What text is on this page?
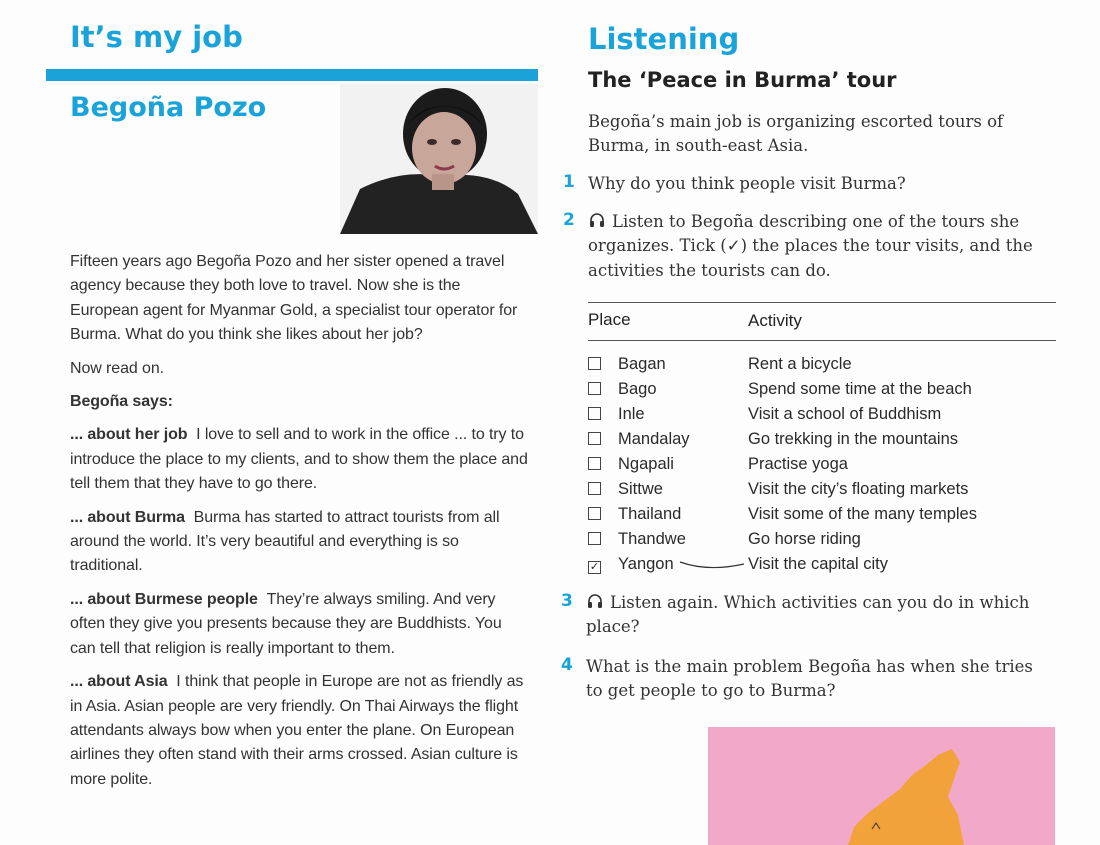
It’s my job
Begoña Pozo

Fifteen years ago Begoña Pozo and her sister opened a travel agency because they both love to travel. Now she is the European agent for Myanmar Gold, a specialist tour operator for Burma. What do you think she likes about her job?

Now read on.

Begoña says:

... about her job I love to sell and to work in the office ... to try to introduce the place to my clients, and to show them the place and tell them that they have to go there.

... about Burma Burma has started to attract tourists from all around the world. It’s very beautiful and everything is so traditional.

... about Burmese people They’re always smiling. And very often they give you presents because they are Buddhists. You can tell that religion is really important to them.

... about Asia I think that people in Europe are not as friendly as in Asia. Asian people are very friendly. On Thai Airways the flight attendants always bow when you enter the plane. On European airlines they often stand with their arms crossed. Asian culture is more polite.

Listening
The ‘Peace in Burma’ tour
Begoña’s main job is organizing escorted tours of Burma, in south-east Asia.
1 Why do you think people visit Burma?
2	Listen to Begoña describing one of the tours she organizes. Tick (✓) the places the tour visits, and the activities the tourists can do.
Place	Activity
Bagan	Rent a bicycle
Bago	Spend some time at the beach
Inle	Visit a school of Buddhism
Mandalay	Go trekking in the mountains
Ngapali	Practise yoga
Sittwe	Visit the city’s floating markets
Thailand	Visit some of the many temples
Thandwe	Go horse riding
✓ Yangon	Visit the capital city
3	Listen again. Which activities can you do in which place?
4 What is the main problem Begoña has when she tries to get people to go to Burma?
